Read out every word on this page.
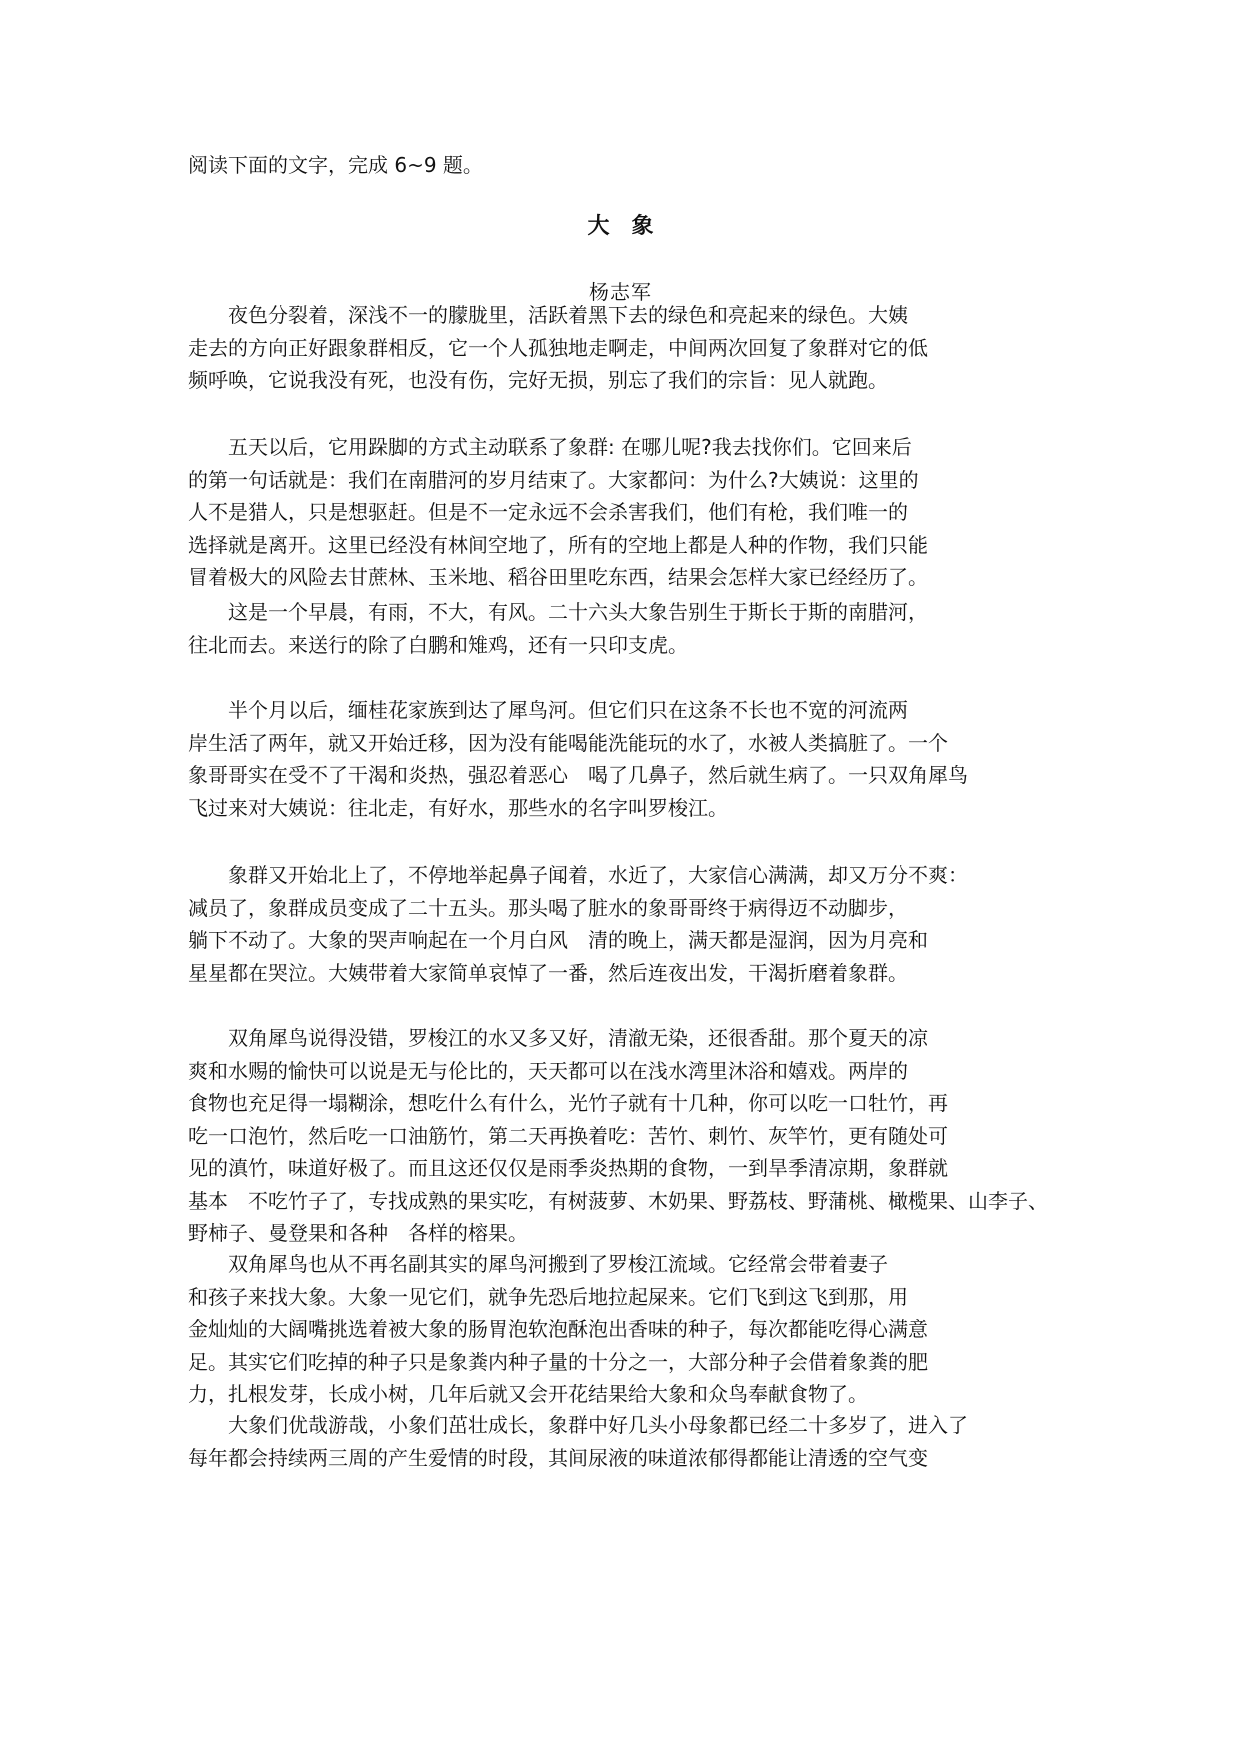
阅读下面的文字，完成 6~9 题。
大象
杨志军
　　夜色分裂着，深浅不一的朦胧里，活跃着黑下去的绿色和亮起来的绿色。大姨
走去的方向正好跟象群相反，它一个人孤独地走啊走，中间两次回复了象群对它的低
频呼唤，它说我没有死，也没有伤，完好无损，别忘了我们的宗旨：见人就跑。
　　五天以后，它用跺脚的方式主动联系了象群: 在哪儿呢?我去找你们。它回来后
的第一句话就是：我们在南腊河的岁月结束了。大家都问：为什么?大姨说：这里的
人不是猎人，只是想驱赶。但是不一定永远不会杀害我们，他们有枪，我们唯一的
选择就是离开。这里已经没有林间空地了，所有的空地上都是人种的作物，我们只能
冒着极大的风险去甘蔗林、玉米地、稻谷田里吃东西，结果会怎样大家已经经历了。
　　这是一个早晨，有雨，不大，有风。二十六头大象告别生于斯长于斯的南腊河，
往北而去。来送行的除了白鹏和雉鸡，还有一只印支虎。
　　半个月以后，缅桂花家族到达了犀鸟河。但它们只在这条不长也不宽的河流两
岸生活了两年，就又开始迁移，因为没有能喝能洗能玩的水了，水被人类搞脏了。一个
象哥哥实在受不了干渴和炎热，强忍着恶心　喝了几鼻子，然后就生病了。一只双角犀鸟
飞过来对大姨说：往北走，有好水，那些水的名字叫罗梭江。
　　象群又开始北上了，不停地举起鼻子闻着，水近了，大家信心满满，却又万分不爽：
减员了，象群成员变成了二十五头。那头喝了脏水的象哥哥终于病得迈不动脚步，
躺下不动了。大象的哭声响起在一个月白风　清的晚上，满天都是湿润，因为月亮和
星星都在哭泣。大姨带着大家简单哀悼了一番，然后连夜出发，干渴折磨着象群。
　　双角犀鸟说得没错，罗梭江的水又多又好，清澈无染，还很香甜。那个夏天的凉
爽和水赐的愉快可以说是无与伦比的，天天都可以在浅水湾里沐浴和嬉戏。两岸的
食物也充足得一塌糊涂，想吃什么有什么，光竹子就有十几种，你可以吃一口牡竹，再
吃一口泡竹，然后吃一口油筋竹，第二天再换着吃：苦竹、刺竹、灰竿竹，更有随处可
见的滇竹，味道好极了。而且这还仅仅是雨季炎热期的食物，一到旱季清凉期，象群就
基本　不吃竹子了，专找成熟的果实吃，有树菠萝、木奶果、野荔枝、野蒲桃、橄榄果、山李子、
野柿子、曼登果和各种　各样的榕果。
　　双角犀鸟也从不再名副其实的犀鸟河搬到了罗梭江流域。它经常会带着妻子
和孩子来找大象。大象一见它们，就争先恐后地拉起屎来。它们飞到这飞到那，用
金灿灿的大阔嘴挑选着被大象的肠胃泡软泡酥泡出香味的种子，每次都能吃得心满意
足。其实它们吃掉的种子只是象粪内种子量的十分之一，大部分种子会借着象粪的肥
力，扎根发芽，长成小树，几年后就又会开花结果给大象和众鸟奉献食物了。
　　大象们优哉游哉，小象们茁壮成长，象群中好几头小母象都已经二十多岁了，进入了
每年都会持续两三周的产生爱情的时段，其间尿液的味道浓郁得都能让清透的空气变
